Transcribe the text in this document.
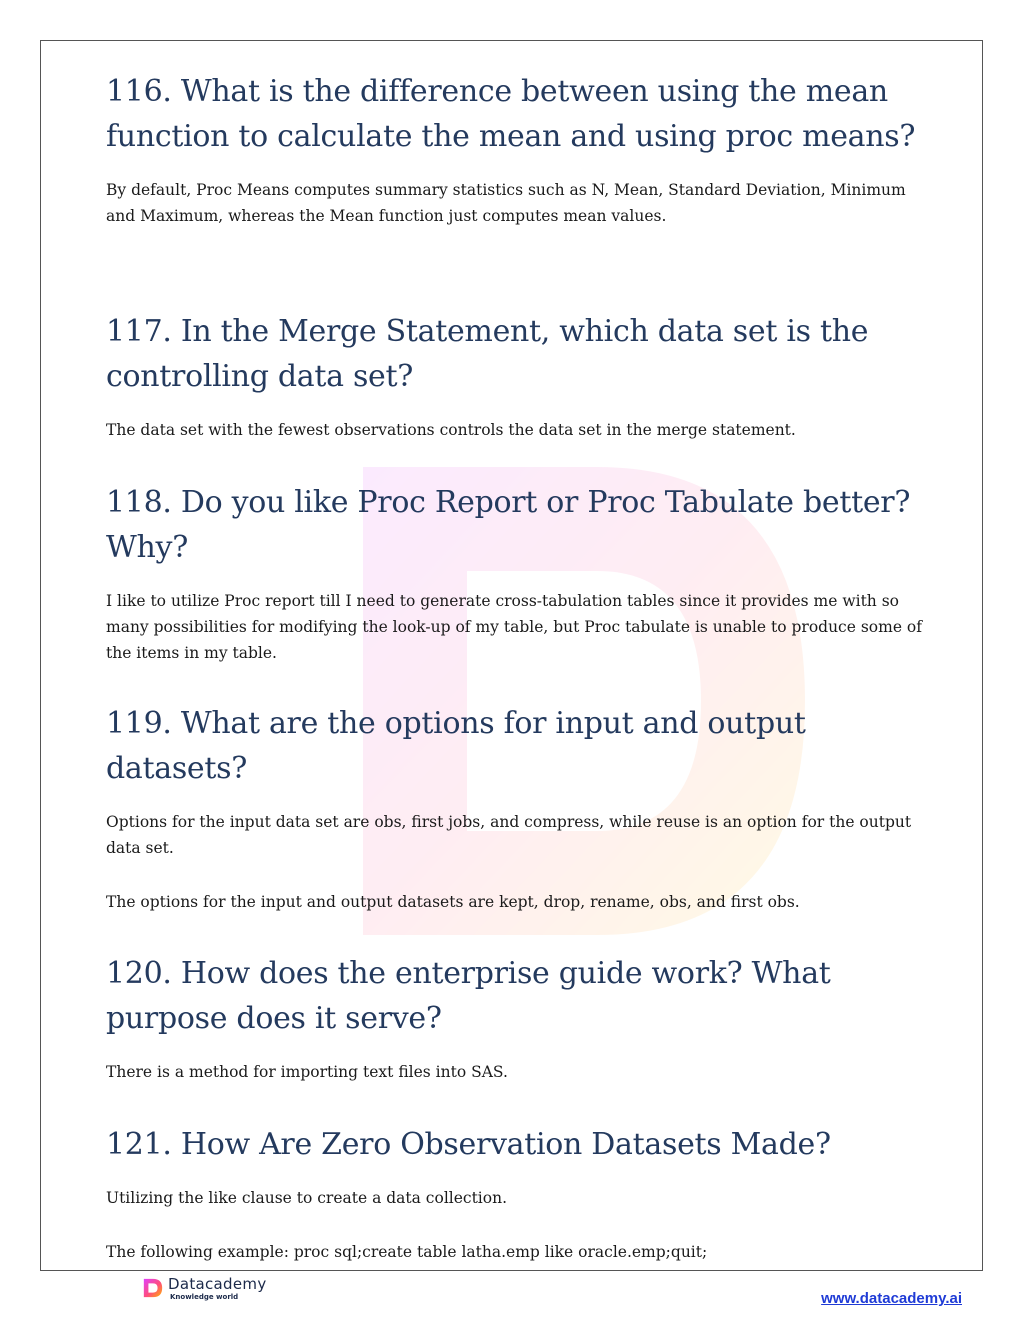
116. What is the difference between using the mean function to calculate the mean and using proc means?

By default, Proc Means computes summary statistics such as N, Mean, Standard Deviation, Minimum and Maximum, whereas the Mean function just computes mean values.

117. In the Merge Statement, which data set is the controlling data set?

The data set with the fewest observations controls the data set in the merge statement.

118. Do you like Proc Report or Proc Tabulate better? Why?

I like to utilize Proc report till I need to generate cross-tabulation tables since it provides me with so many possibilities for modifying the look-up of my table, but Proc tabulate is unable to produce some of the items in my table.

119. What are the options for input and output datasets?

Options for the input data set are obs, first jobs, and compress, while reuse is an option for the output data set.

The options for the input and output datasets are kept, drop, rename, obs, and first obs.

120. How does the enterprise guide work? What purpose does it serve?

There is a method for importing text files into SAS.

121. How Are Zero Observation Datasets Made?

Utilizing the like clause to create a data collection.

The following example: proc sql;create table latha.emp like oracle.emp;quit;

Datacademy
Knowledge world	www.datacademy.ai
